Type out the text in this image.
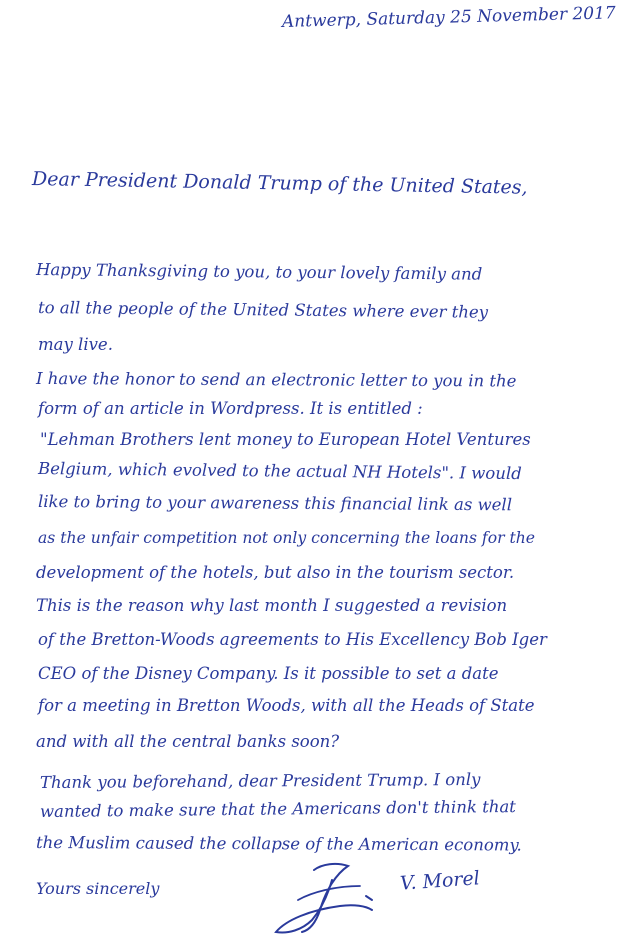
Antwerp, Saturday 25 November 2017

Dear President Donald Trump of the United States,

Happy Thanksgiving to you, to your lovely family and

to all the people of the United States where ever they

may live.

I have the honor to send an electronic letter to you in the

form of an article in Wordpress. It is entitled :

"Lehman Brothers lent money to European Hotel Ventures

Belgium, which evolved to the actual NH Hotels". I would

like to bring to your awareness this financial link as well

as the unfair competition not only concerning the loans for the

development of the hotels, but also in the tourism sector.

This is the reason why last month I suggested a revision

of the Bretton-Woods agreements to His Excellency Bob Iger

CEO of the Disney Company. Is it possible to set a date

for a meeting in Bretton Woods, with all the Heads of State

and with all the central banks soon?

Thank you beforehand, dear President Trump. I only

wanted to make sure that the Americans don't think that

the Muslim caused the collapse of the American economy.

Yours sincerely	V. Morel
